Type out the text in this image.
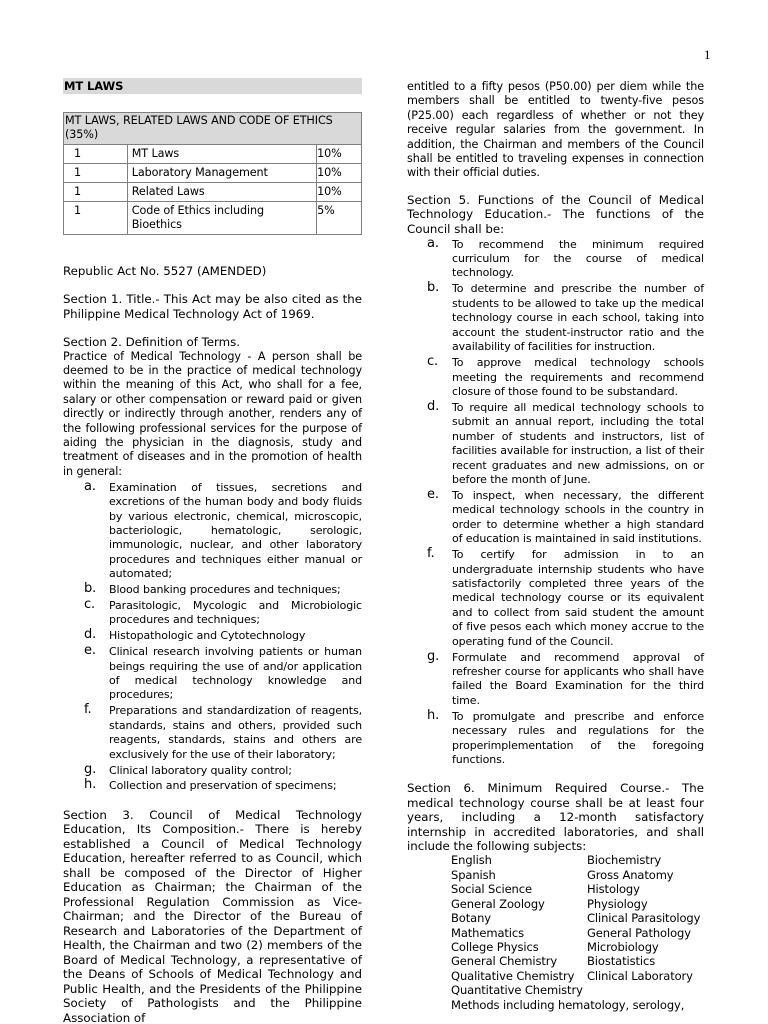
1
MT LAWS
MT LAWS, RELATED LAWS AND CODE OF ETHICS (35%)		
1	MT Laws	10%
1	Laboratory Management	10%
1	Related Laws	10%
1	Code of Ethics including Bioethics	5%

Republic Act No. 5527 (AMENDED)

Section 1. Title.- This Act may be also cited as the Philippine Medical Technology Act of 1969.

Section 2. Definition of Terms.

Practice of Medical Technology - A person shall be deemed to be in the practice of medical technology within the meaning of this Act, who shall for a fee, salary or other compensation or reward paid or given directly or indirectly through another, renders any of the following professional services for the purpose of aiding the physician in the diagnosis, study and treatment of diseases and in the promotion of health in general:

a. Examination of tissues, secretions and excretions of the human body and body fluids by various electronic, chemical, microscopic, bacteriologic, hematologic, serologic, immunologic, nuclear, and other laboratory procedures and techniques either manual or automated;
b. Blood banking procedures and techniques;
c. Parasitologic, Mycologic and Microbiologic procedures and techniques;
d. Histopathologic and Cytotechnology
e. Clinical research involving patients or human beings requiring the use of and/or application of medical technology knowledge and procedures;
f. Preparations and standardization of reagents, standards, stains and others, provided such reagents, standards, stains and others are exclusively for the use of their laboratory;
g. Clinical laboratory quality control;
h. Collection and preservation of specimens;

Section 3. Council of Medical Technology Education, Its Composition.- There is hereby established a Council of Medical Technology Education, hereafter referred to as Council, which shall be composed of the Director of Higher Education as Chairman; the Chairman of the Professional Regulation Commission as Vice-Chairman; and the Director of the Bureau of Research and Laboratories of the Department of Health, the Chairman and two (2) members of the Board of Medical Technology, a representative of the Deans of Schools of Medical Technology and Public Health, and the Presidents of the Philippine Society of Pathologists and the Philippine Association of

entitled to a fifty pesos (P50.00) per diem while the members shall be entitled to twenty-five pesos (P25.00) each regardless of whether or not they receive regular salaries from the government. In addition, the Chairman and members of the Council shall be entitled to traveling expenses in connection with their official duties.

Section 5. Functions of the Council of Medical Technology Education.- The functions of the Council shall be:

a. To recommend the minimum required curriculum for the course of medical technology.
b. To determine and prescribe the number of students to be allowed to take up the medical technology course in each school, taking into account the student-instructor ratio and the availability of facilities for instruction.
c. To approve medical technology schools meeting the requirements and recommend closure of those found to be substandard.
d. To require all medical technology schools to submit an annual report, including the total number of students and instructors, list of facilities available for instruction, a list of their recent graduates and new admissions, on or before the month of June.
e. To inspect, when necessary, the different medical technology schools in the country in order to determine whether a high standard of education is maintained in said institutions.
f. To certify for admission in to an undergraduate internship students who have satisfactorily completed three years of the medical technology course or its equivalent and to collect from said student the amount of five pesos each which money accrue to the operating fund of the Council.
g. Formulate and recommend approval of refresher course for applicants who shall have failed the Board Examination for the third time.
h. To promulgate and prescribe and enforce necessary rules and regulations for the properimplementation of the foregoing functions.

Section 6. Minimum Required Course.- The medical technology course shall be at least four years, including a 12-month satisfactory internship in accredited laboratories, and shall include the following subjects:

English	Biochemistry
Spanish	Gross Anatomy
Social Science	Histology
General Zoology	Physiology
Botany	Clinical Parasitology
Mathematics	General Pathology
College Physics	Microbiology
General Chemistry	Biostatistics
Qualitative Chemistry	Clinical Laboratory
Quantitative Chemistry

Methods including hematology, serology,
